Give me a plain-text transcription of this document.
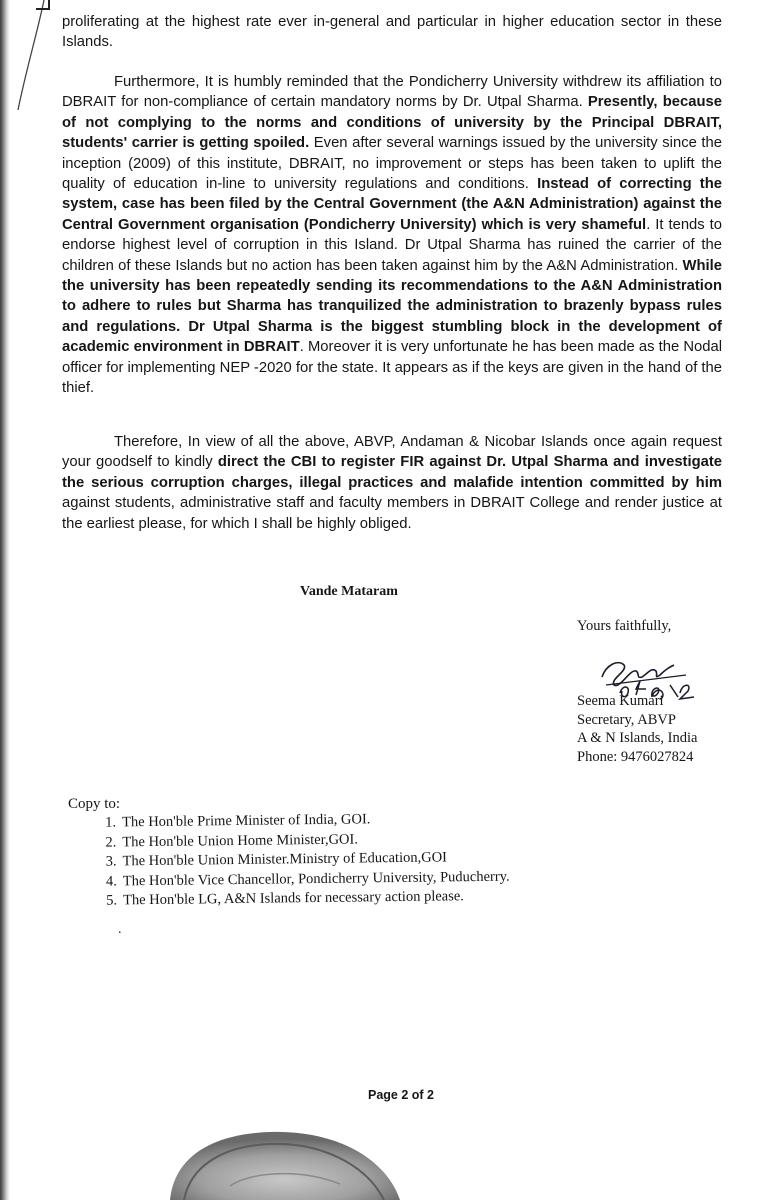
proliferating at the highest rate ever in-general and particular in higher education sector in these Islands.

Furthermore, It is humbly reminded that the Pondicherry University withdrew its affiliation to DBRAIT for non-compliance of certain mandatory norms by Dr. Utpal Sharma. Presently, because of not complying to the norms and conditions of university by the Principal DBRAIT, students' carrier is getting spoiled. Even after several warnings issued by the university since the inception (2009) of this institute, DBRAIT, no improvement or steps has been taken to uplift the quality of education in-line to university regulations and conditions. Instead of correcting the system, case has been filed by the Central Government (the A&N Administration) against the Central Government organisation (Pondicherry University) which is very shameful. It tends to endorse highest level of corruption in this Island. Dr Utpal Sharma has ruined the carrier of the children of these Islands but no action has been taken against him by the A&N Administration. While the university has been repeatedly sending its recommendations to the A&N Administration to adhere to rules but Sharma has tranquilized the administration to brazenly bypass rules and regulations. Dr Utpal Sharma is the biggest stumbling block in the development of academic environment in DBRAIT. Moreover it is very unfortunate he has been made as the Nodal officer for implementing NEP -2020 for the state. It appears as if the keys are given in the hand of the thief.

Therefore, In view of all the above, ABVP, Andaman & Nicobar Islands once again request your goodself to kindly direct the CBI to register FIR against Dr. Utpal Sharma and investigate the serious corruption charges, illegal practices and malafide intention committed by him against students, administrative staff and faculty members in DBRAIT College and render justice at the earliest please, for which I shall be highly obliged.

Vande Mataram
Yours faithfully,
Seema Kumari
Secretary, ABVP
A & N Islands, India
Phone: 9476027824
Copy to:
1. The Hon'ble Prime Minister of India, GOI.
2. The Hon'ble Union Home Minister,GOI.
3. The Hon'ble Union Minister.Ministry of Education,GOI
4. The Hon'ble Vice Chancellor, Pondicherry University, Puducherry.
5. The Hon'ble LG, A&N Islands for necessary action please.
.
Page 2 of 2
